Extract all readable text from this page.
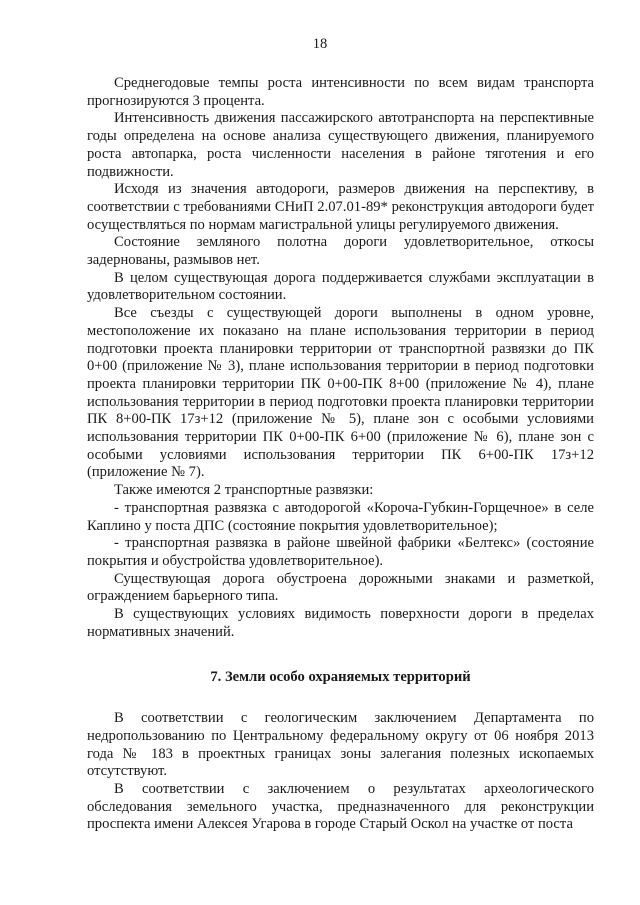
18

Среднегодовые темпы роста интенсивности по всем видам транспорта прогнозируются 3 процента.

Интенсивность движения пассажирского автотранспорта на перспективные годы определена на основе анализа существующего движения, планируемого роста автопарка, роста численности населения в районе тяготения и его подвижности.

Исходя из значения автодороги, размеров движения на перспективу, в соответствии с требованиями СНиП 2.07.01-89* реконструкция автодороги будет осуществляться по нормам магистральной улицы регулируемого движения.

Состояние земляного полотна дороги удовлетворительное, откосы задернованы, размывов нет.

В целом существующая дорога поддерживается службами эксплуатации в удовлетворительном состоянии.

Все съезды с существующей дороги выполнены в одном уровне, местоположение их показано на плане использования территории в период подготовки проекта планировки территории от транспортной развязки до ПК 0+00 (приложение № 3), плане использования территории в период подготовки проекта планировки территории ПК 0+00-ПК 8+00 (приложение № 4), плане использования территории в период подготовки проекта планировки территории ПК 8+00-ПК 17з+12 (приложение № 5), плане зон с особыми условиями использования территории ПК 0+00-ПК 6+00 (приложение № 6), плане зон с особыми условиями использования территории ПК 6+00-ПК 17з+12 (приложение № 7).

Также имеются 2 транспортные развязки:

- транспортная развязка с автодорогой «Короча-Губкин-Горщечное» в селе Каплино у поста ДПС (состояние покрытия удовлетворительное);

- транспортная развязка в районе швейной фабрики «Белтекс» (состояние покрытия и обустройства удовлетворительное).

Существующая дорога обустроена дорожными знаками и разметкой, ограждением барьерного типа.

В существующих условиях видимость поверхности дороги в пределах нормативных значений.

7. Земли особо охраняемых территорий

В соответствии с геологическим заключением Департамента по недропользованию по Центральному федеральному округу от 06 ноября 2013 года № 183 в проектных границах зоны залегания полезных ископаемых отсутствуют.

В соответствии с заключением о результатах археологического обследования земельного участка, предназначенного для реконструкции проспекта имени Алексея Угарова в городе Старый Оскол на участке от поста
